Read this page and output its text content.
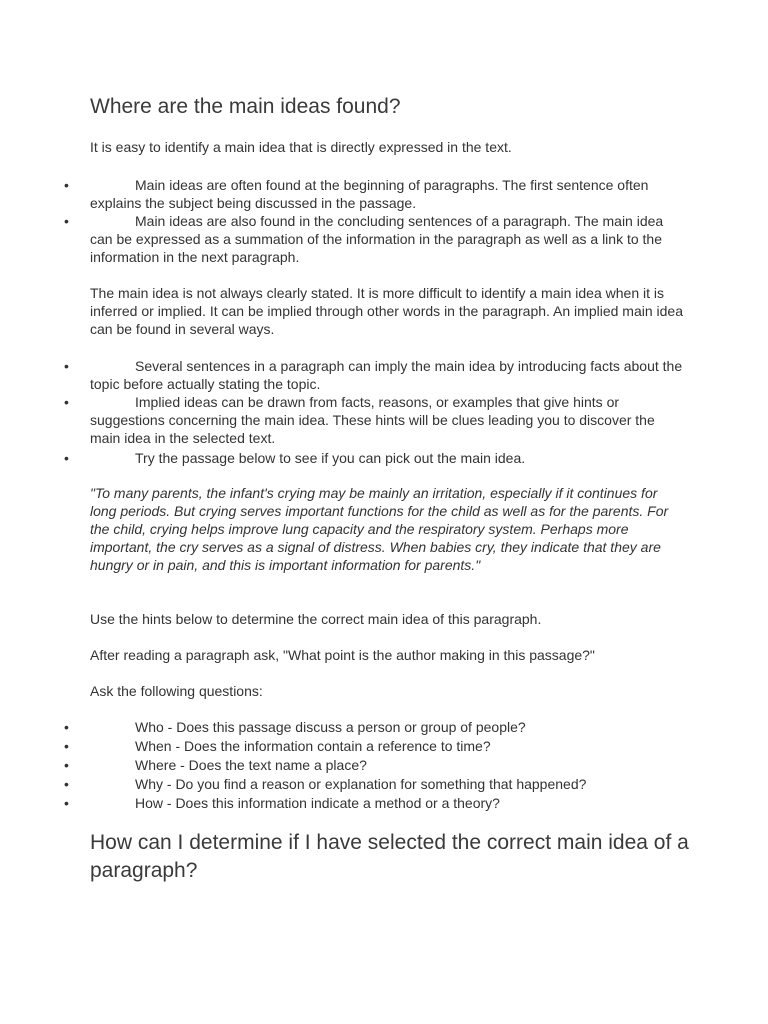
Where are the main ideas found?

It is easy to identify a main idea that is directly expressed in the text.

•	Main ideas are often found at the beginning of paragraphs. The first sentence often explains the subject being discussed in the passage.
•	Main ideas are also found in the concluding sentences of a paragraph. The main idea can be expressed as a summation of the information in the paragraph as well as a link to the information in the next paragraph.

The main idea is not always clearly stated. It is more difficult to identify a main idea when it is inferred or implied. It can be implied through other words in the paragraph. An implied main idea can be found in several ways.

•	Several sentences in a paragraph can imply the main idea by introducing facts about the topic before actually stating the topic.
•	Implied ideas can be drawn from facts, reasons, or examples that give hints or suggestions concerning the main idea. These hints will be clues leading you to discover the main idea in the selected text.
•	Try the passage below to see if you can pick out the main idea.

"To many parents, the infant's crying may be mainly an irritation, especially if it continues for long periods. But crying serves important functions for the child as well as for the parents. For the child, crying helps improve lung capacity and the respiratory system. Perhaps more important, the cry serves as a signal of distress. When babies cry, they indicate that they are hungry or in pain, and this is important information for parents."

Use the hints below to determine the correct main idea of this paragraph.

After reading a paragraph ask, "What point is the author making in this passage?"

Ask the following questions:

•	Who - Does this passage discuss a person or group of people?
•	When - Does the information contain a reference to time?
•	Where - Does the text name a place?
•	Why - Do you find a reason or explanation for something that happened?
•	How - Does this information indicate a method or a theory?
How can I determine if I have selected the correct main idea of a paragraph?
